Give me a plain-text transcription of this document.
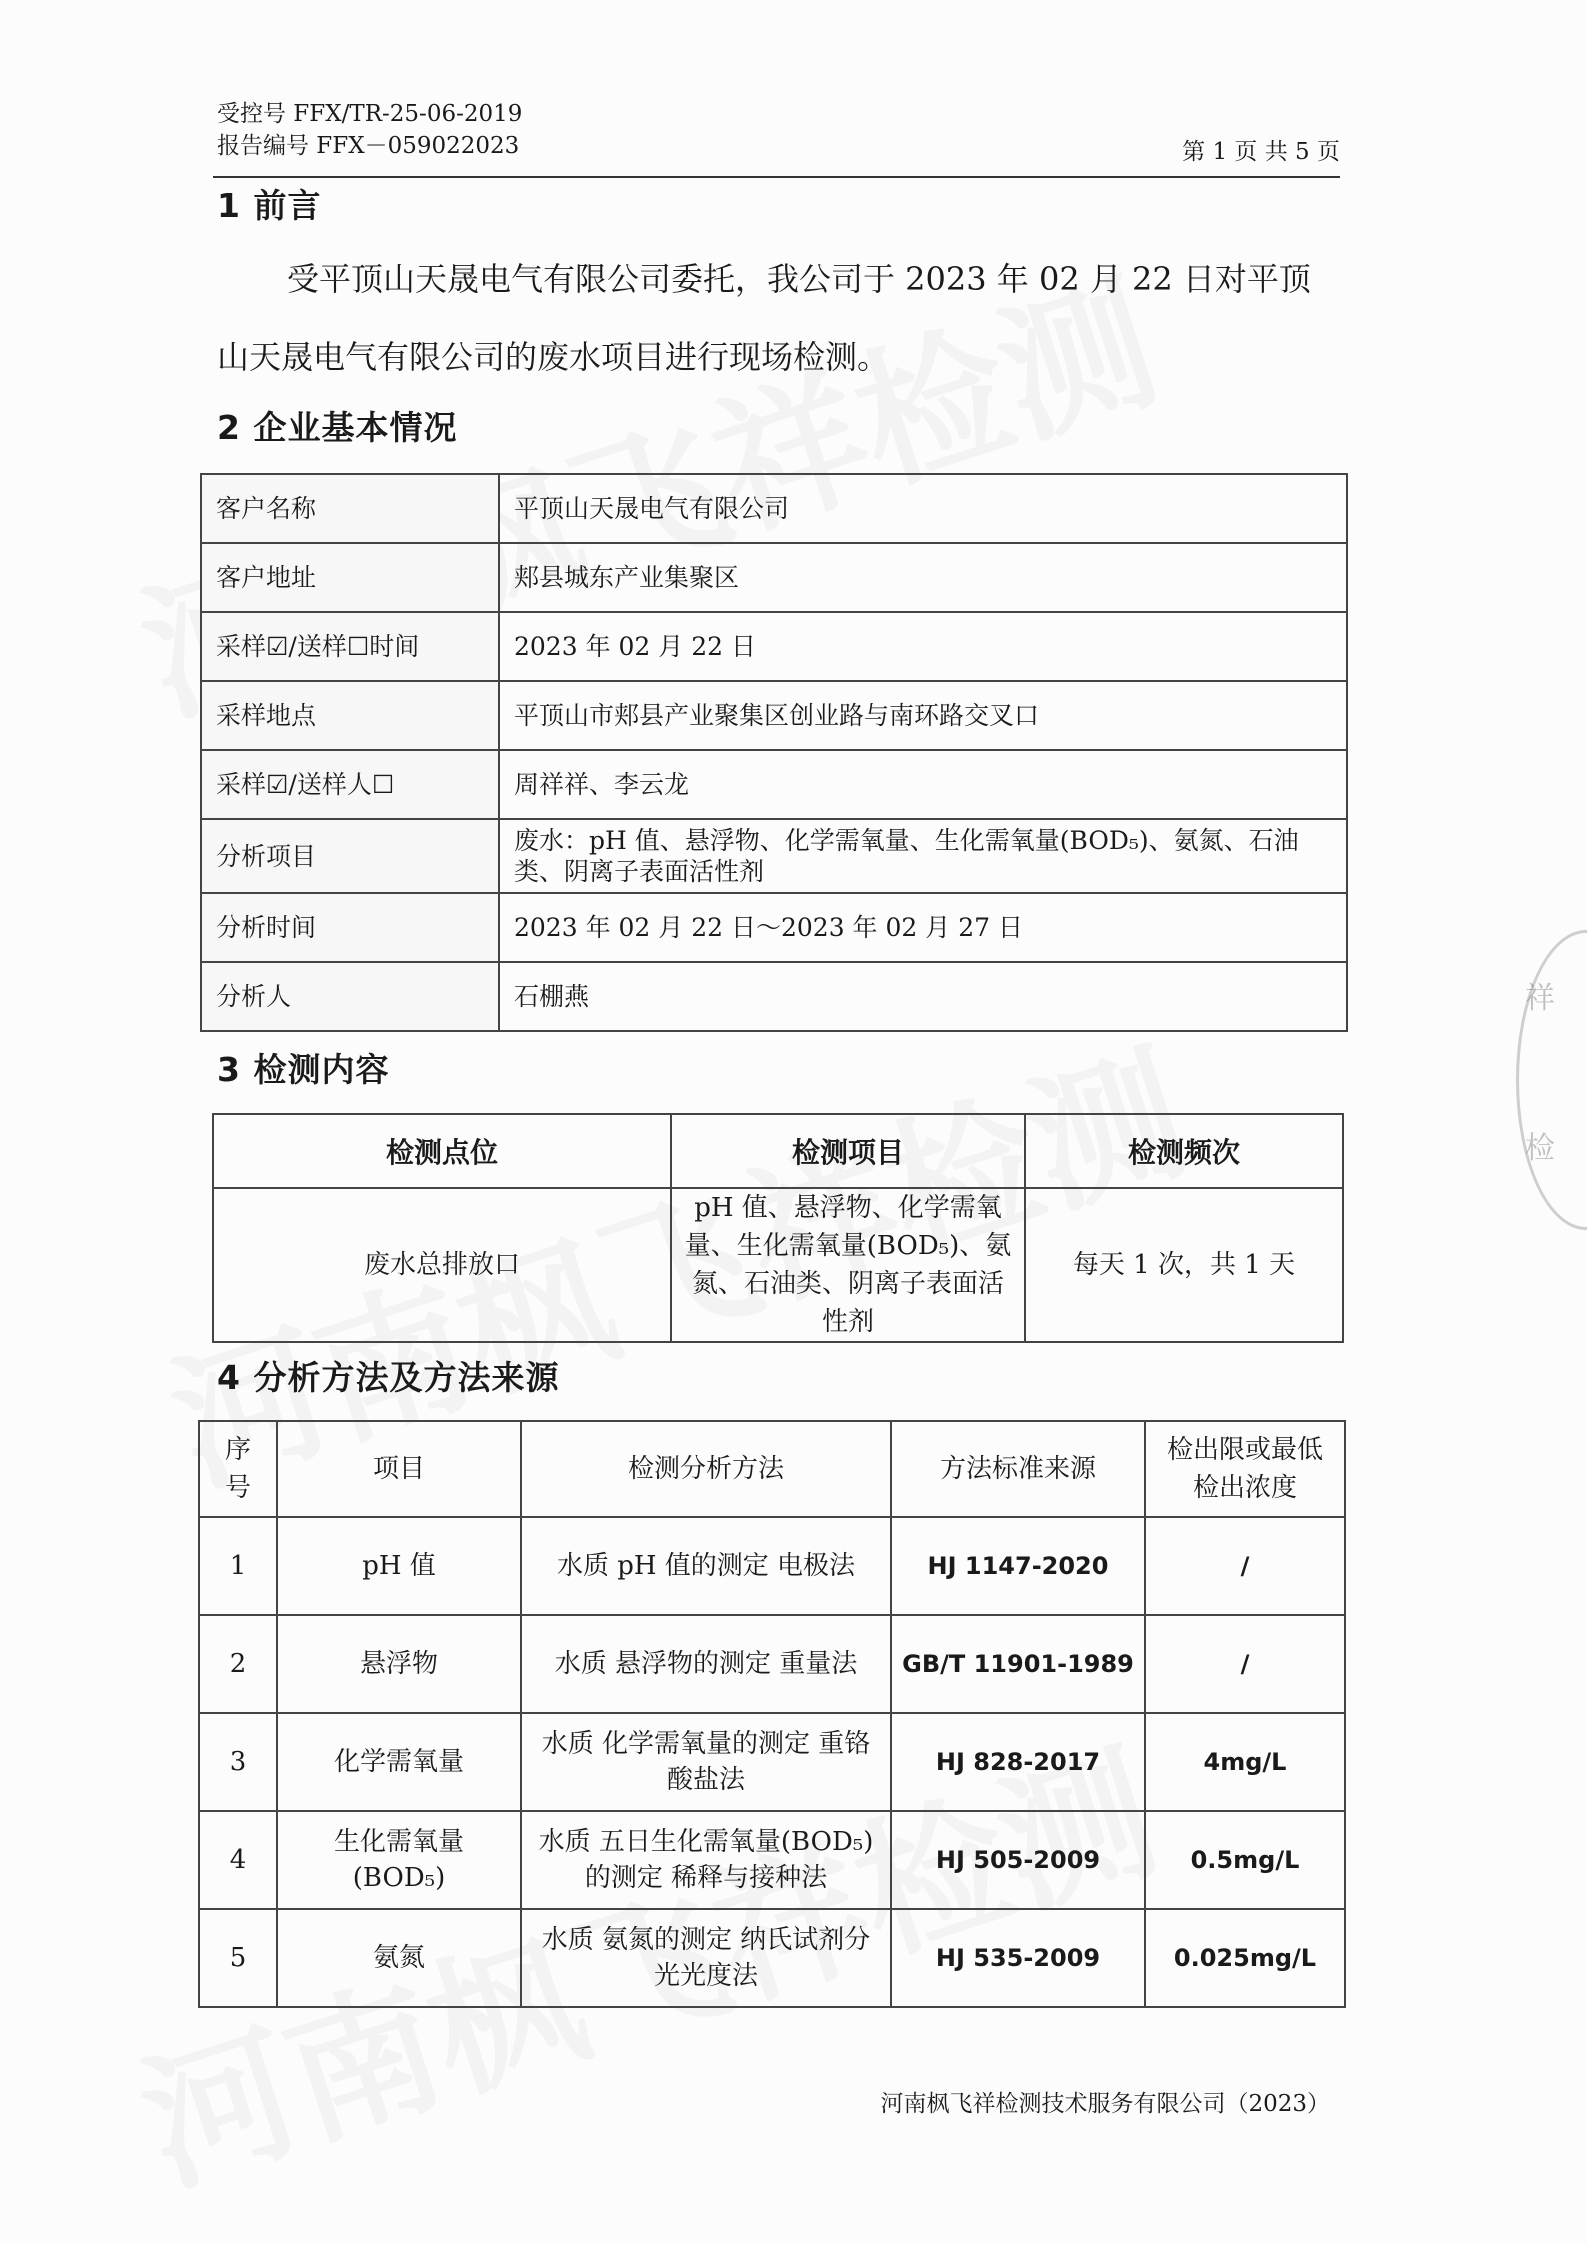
祥
检
受控号 FFX/TR-25-06-2019
报告编号 FFX－059022023	第 1 页 共 5 页
1 前言
受平顶山天晟电气有限公司委托，我公司于 2023 年 02 月 22 日对平顶山天晟电气有限公司的废水项目进行现场检测。
2 企业基本情况
客户名称	平顶山天晟电气有限公司
客户地址	郏县城东产业集聚区
采样☑/送样☐时间	2023 年 02 月 22 日
采样地点	平顶山市郏县产业聚集区创业路与南环路交叉口
采样☑/送样人☐	周祥祥、李云龙
分析项目	废水：pH 值、悬浮物、化学需氧量、生化需氧量(BOD₅)、氨氮、石油类、阴离子表面活性剂
分析时间	2023 年 02 月 22 日～2023 年 02 月 27 日
分析人	石棚燕
3 检测内容
检测点位	检测项目	检测频次
废水总排放口	pH 值、悬浮物、化学需氧量、生化需氧量(BOD₅)、氨氮、石油类、阴离子表面活性剂	每天 1 次，共 1 天
4 分析方法及方法来源
序号	项目	检测分析方法	方法标准来源	检出限或最低检出浓度
1	pH 值	水质 pH 值的测定 电极法	HJ 1147-2020	/
2	悬浮物	水质 悬浮物的测定 重量法	GB/T 11901-1989	/
3	化学需氧量	水质 化学需氧量的测定 重铬酸盐法	HJ 828-2017	4mg/L
4	生化需氧量(BOD₅)	水质 五日生化需氧量(BOD₅)的测定 稀释与接种法	HJ 505-2009	0.5mg/L
5	氨氮	水质 氨氮的测定 纳氏试剂分光光度法	HJ 535-2009	0.025mg/L
河南枫飞祥检测技术服务有限公司（2023）
